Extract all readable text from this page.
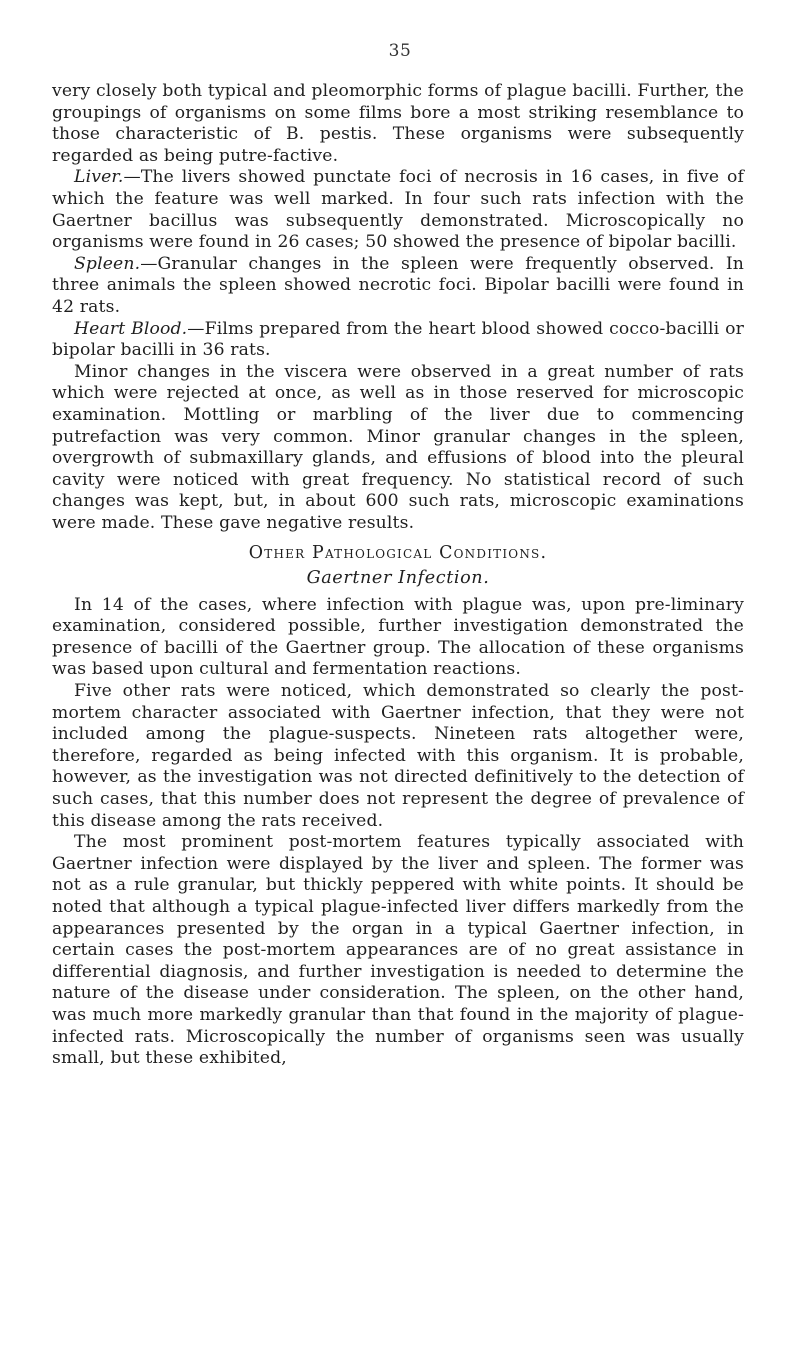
35

very closely both typical and pleomorphic forms of plague bacilli. Further, the groupings of organisms on some films bore a most striking resemblance to those characteristic of B. pestis. These organisms were subsequently regarded as being putre-factive.

Liver.—The livers showed punctate foci of necrosis in 16 cases, in five of which the feature was well marked. In four such rats infection with the Gaertner bacillus was subsequently demonstrated. Microscopically no organisms were found in 26 cases; 50 showed the presence of bipolar bacilli.

Spleen.—Granular changes in the spleen were frequently observed. In three animals the spleen showed necrotic foci. Bipolar bacilli were found in 42 rats.

Heart Blood.—Films prepared from the heart blood showed cocco-bacilli or bipolar bacilli in 36 rats.

Minor changes in the viscera were observed in a great number of rats which were rejected at once, as well as in those reserved for microscopic examination. Mottling or marbling of the liver due to commencing putrefaction was very common. Minor granular changes in the spleen, overgrowth of submaxillary glands, and effusions of blood into the pleural cavity were noticed with great frequency. No statistical record of such changes was kept, but, in about 600 such rats, microscopic examinations were made. These gave negative results.

Other Pathological Conditions.
Gaertner Infection.

In 14 of the cases, where infection with plague was, upon pre-liminary examination, considered possible, further investigation demonstrated the presence of bacilli of the Gaertner group. The allocation of these organisms was based upon cultural and fermentation reactions.

Five other rats were noticed, which demonstrated so clearly the post-mortem character associated with Gaertner infection, that they were not included among the plague-suspects. Nineteen rats altogether were, therefore, regarded as being infected with this organism. It is probable, however, as the investigation was not directed definitively to the detection of such cases, that this number does not represent the degree of prevalence of this disease among the rats received.

The most prominent post-mortem features typically associated with Gaertner infection were displayed by the liver and spleen. The former was not as a rule granular, but thickly peppered with white points. It should be noted that although a typical plague-infected liver differs markedly from the appearances presented by the organ in a typical Gaertner infection, in certain cases the post-mortem appearances are of no great assistance in differential diagnosis, and further investigation is needed to determine the nature of the disease under consideration. The spleen, on the other hand, was much more markedly granular than that found in the majority of plague-infected rats. Microscopically the number of organisms seen was usually small, but these exhibited,
